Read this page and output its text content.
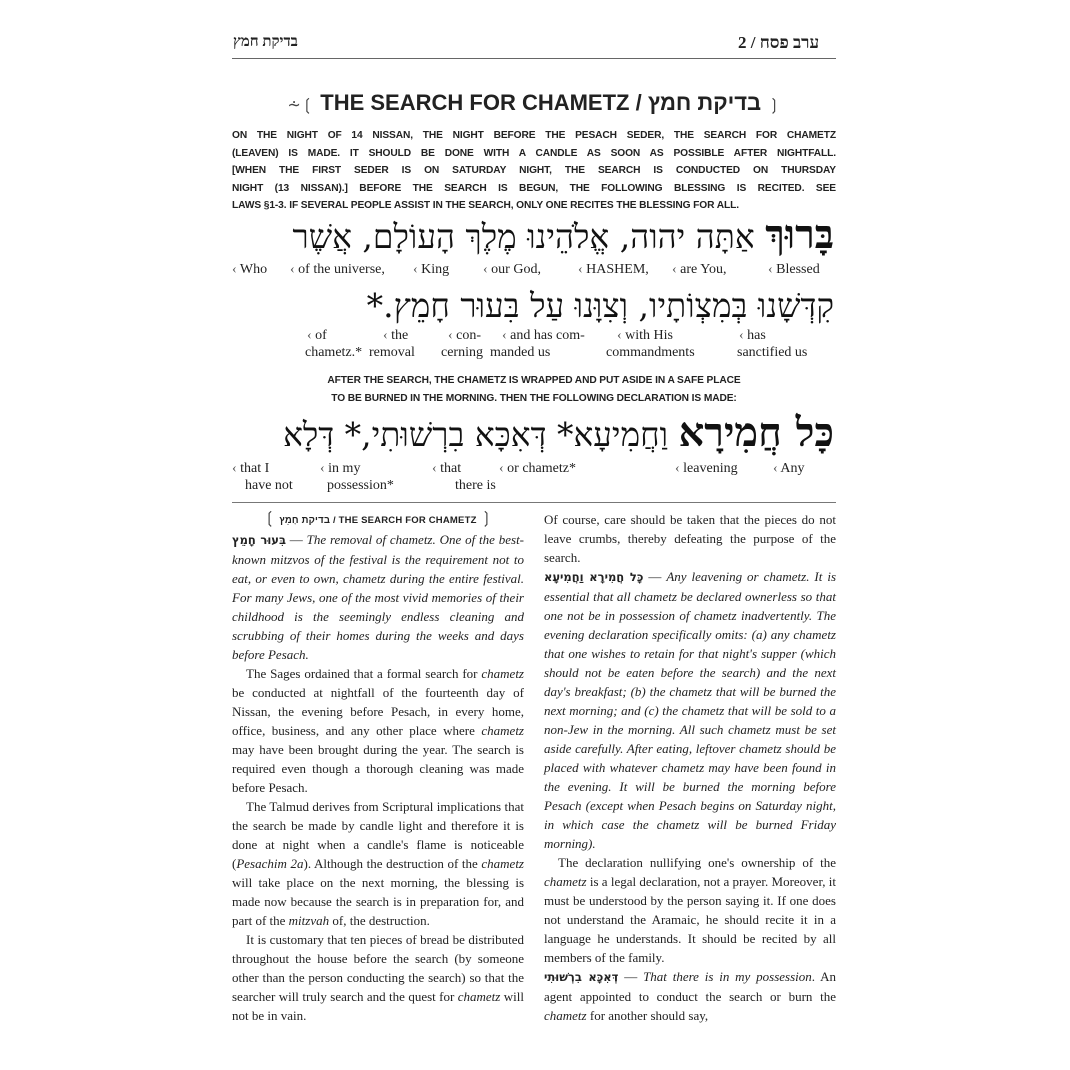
בדיקת חמץ	2 / ערב פסח
⩪❲ THE SEARCH FOR CHAMETZ / בדיקת חמץ ❳
ON THE NIGHT OF 14 NISSAN, THE NIGHT BEFORE THE PESACH SEDER, THE SEARCH FOR CHAMETZ
(LEAVEN) IS MADE. IT SHOULD BE DONE WITH A CANDLE AS SOON AS POSSIBLE AFTER NIGHTFALL.
[WHEN THE FIRST SEDER IS ON SATURDAY NIGHT, THE SEARCH IS CONDUCTED ON THURSDAY
NIGHT (13 NISSAN).] BEFORE THE SEARCH IS BEGUN, THE FOLLOWING BLESSING IS RECITED. SEE
LAWS §1-3. IF SEVERAL PEOPLE ASSIST IN THE SEARCH, ONLY ONE RECITES THE BLESSING FOR ALL.
בָּרוּךְ אַתָּה יהוה, אֱלֹהֵינוּ מֶלֶךְ הָעוֹלָם, אֲשֶׁר
‹ Who ‹ of the universe, ‹ King ‹ our God,	‹ HASHEM, ‹ are You,	‹ Blessed
קִדְּשָׁנוּ בְּמִצְוֹתָיו, וְצִוָּנוּ עַל בִּעוּר חָמֵץ.*
‹ of	‹ the	‹ con- ‹ and has com- ‹ with His	‹ has
chametz.* removal cerning manded us	commandments	sanctified us
AFTER THE SEARCH, THE CHAMETZ IS WRAPPED AND PUT ASIDE IN A SAFE PLACE
TO BE BURNED IN THE MORNING. THEN THE FOLLOWING DECLARATION IS MADE:
כָּל חֲמִירָא וַחֲמִיעָא* דְּאִכָּא בִרְשׁוּתִי,* דְּלָא
‹ that I	‹ in my	‹ that	‹ or chametz*	‹ leavening	‹ Any
have not possession*	there is
❲ בדיקת חָמֵץ / THE SEARCH FOR CHAMETZ ❳

בִּעוּר חָמֵץ — The removal of chametz. One of the best-known mitzvos of the festival is the requirement not to eat, or even to own, chametz during the entire festival. For many Jews, one of the most vivid memories of their childhood is the seemingly endless cleaning and scrubbing of their homes during the weeks and days before Pesach.

The Sages ordained that a formal search for chametz be conducted at nightfall of the fourteenth day of Nissan, the evening before Pesach, in every home, office, business, and any other place where chametz may have been brought during the year. The search is required even though a thorough cleaning was made before Pesach.

The Talmud derives from Scriptural implications that the search be made by candle light and therefore it is done at night when a candle's flame is noticeable (Pesachim 2a). Although the destruction of the chametz will take place on the next morning, the blessing is made now because the search is in preparation for, and part of the mitzvah of, the destruction.

It is customary that ten pieces of bread be distributed throughout the house before the search (by someone other than the person conducting the search) so that the searcher will truly search and the quest for chametz will not be in vain.

Of course, care should be taken that the pieces do not leave crumbs, thereby defeating the purpose of the search.

כָּל חֲמִירָא וַחֲמִיעָא — Any leavening or chametz. It is essential that all chametz be declared ownerless so that one not be in possession of chametz inadvertently. The evening declaration specifically omits: (a) any chametz that one wishes to retain for that night's supper (which should not be eaten before the search) and the next day's breakfast; (b) the chametz that will be burned the next morning; and (c) the chametz that will be sold to a non-Jew in the morning. All such chametz must be set aside carefully. After eating, leftover chametz should be placed with whatever chametz may have been found in the evening. It will be burned the morning before Pesach (except when Pesach begins on Saturday night, in which case the chametz will be burned Friday morning).

The declaration nullifying one's ownership of the chametz is a legal declaration, not a prayer. Moreover, it must be understood by the person saying it. If one does not understand the Aramaic, he should recite it in a language he understands. It should be recited by all members of the family.

דְּאִכָּא בִרְשׁוּתִי — That there is in my possession. An agent appointed to conduct the search or burn the chametz for another should say,
